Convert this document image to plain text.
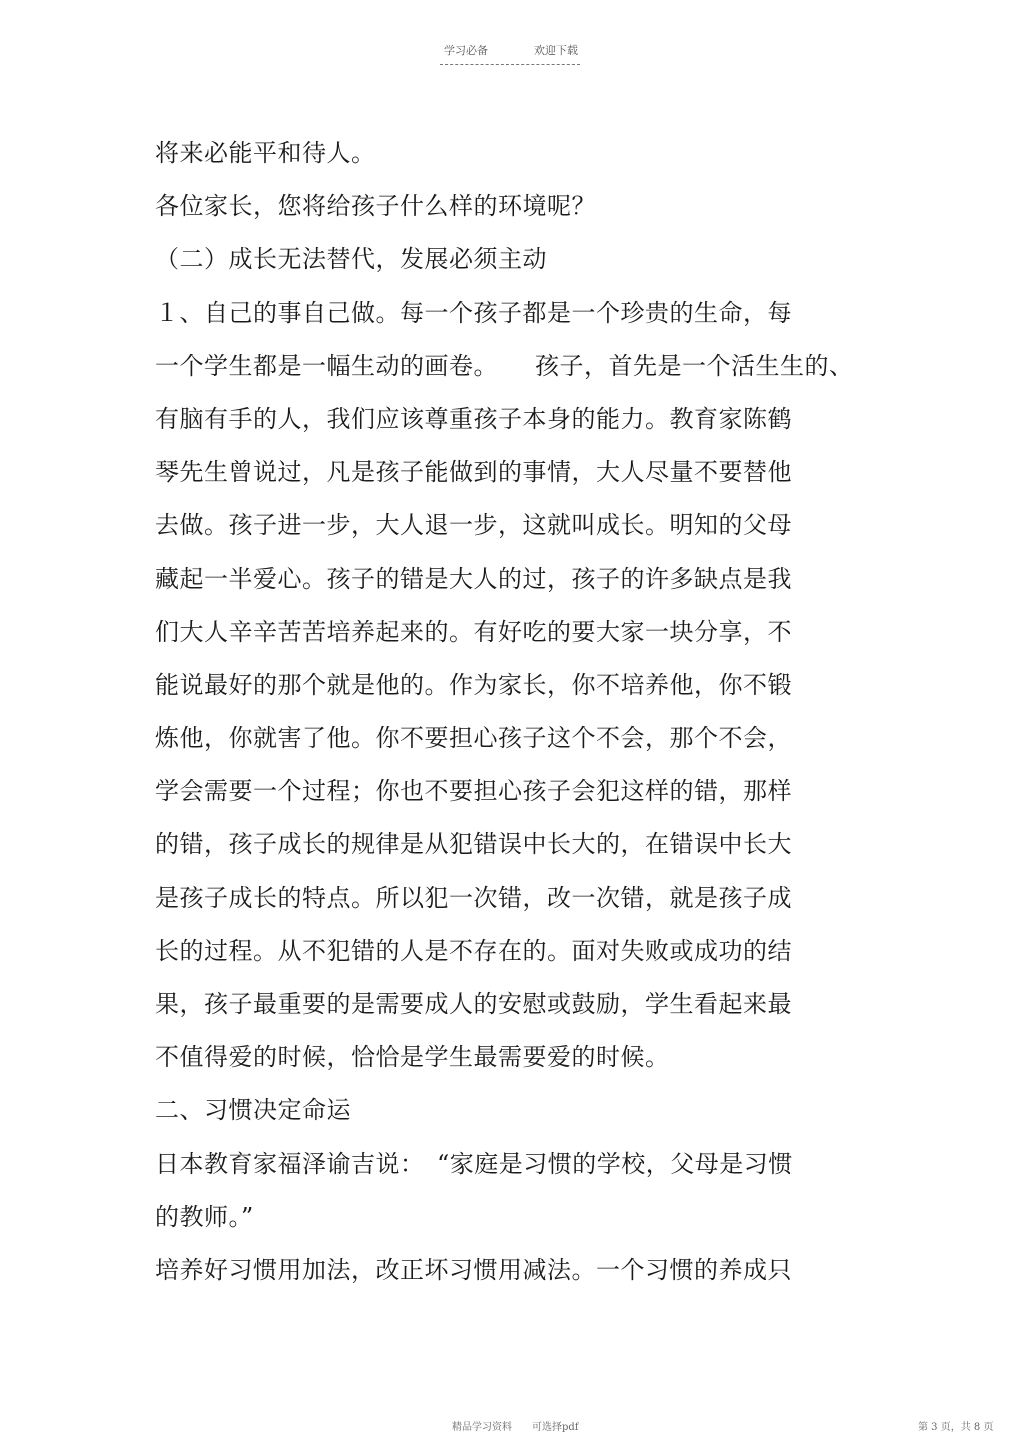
学习必备	欢迎下载
将来必能平和待人。
各位家长，您将给孩子什么样的环境呢？
（二）成长无法替代，发展必须主动
１、自己的事自己做。每一个孩子都是一个珍贵的生命，每
一个学生都是一幅生动的画卷。　　孩子，首先是一个活生生的、
有脑有手的人，我们应该尊重孩子本身的能力。教育家陈鹤
琴先生曾说过，凡是孩子能做到的事情，大人尽量不要替他
去做。孩子进一步，大人退一步，这就叫成长。明知的父母
藏起一半爱心。孩子的错是大人的过，孩子的许多缺点是我
们大人辛辛苦苦培养起来的。有好吃的要大家一块分享，不
能说最好的那个就是他的。作为家长，你不培养他，你不锻
炼他，你就害了他。你不要担心孩子这个不会，那个不会，
学会需要一个过程；你也不要担心孩子会犯这样的错，那样
的错，孩子成长的规律是从犯错误中长大的，在错误中长大
是孩子成长的特点。所以犯一次错，改一次错，就是孩子成
长的过程。从不犯错的人是不存在的。面对失败或成功的结
果，孩子最重要的是需要成人的安慰或鼓励，学生看起来最
不值得爱的时候，恰恰是学生最需要爱的时候。
二、习惯决定命运
日本教育家福泽谕吉说：　“家庭是习惯的学校，父母是习惯
的教师。”
培养好习惯用加法，改正坏习惯用减法。一个习惯的养成只
精品学习资料　　可选择pdf	第 3 页，共 8 页
